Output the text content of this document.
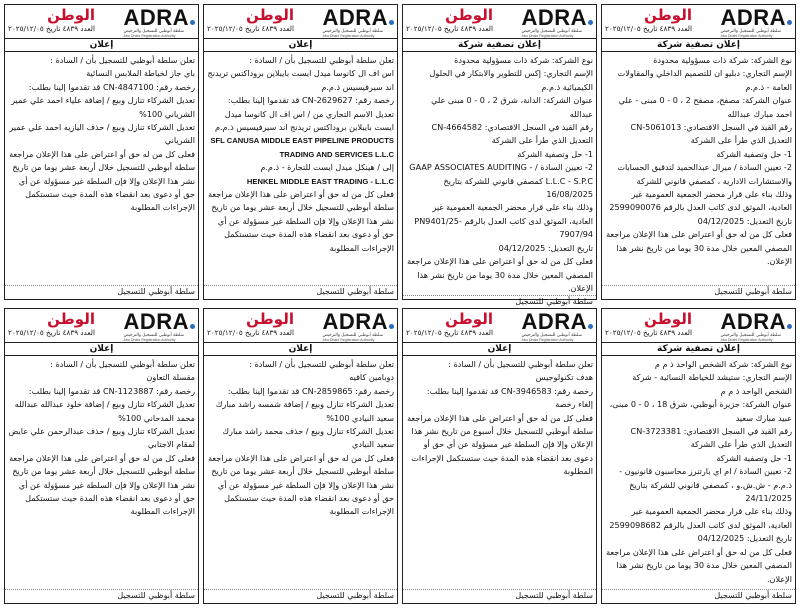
الوطن
العدد ٤٨٣٩ تاريخ ٢٠٢٥/١٢/٠٥ ADRA
سلطة أبوظبي للتسجيل والترخيص
Abu Dhabi Registration Authority
إعلان

تعلن سلطة أبوظبي للتسجيل بأن / السادة :

باي جاز لخياطة الملابس النسائية

رخصة رقم: CN-4847100 قد تقدموا إلينا بطلب:

تعديل الشركاء تنازل وبيع / إضافة علياء احمد علي عمير الشرياني 100%

تعديل الشركاء تنازل وبيع / حذف اليازيه احمد علي عمير الشرياني

فعلى كل من له حق أو اعتراض على هذا الإعلان مراجعة سلطة أبوظبي للتسجيل خلال أربعة عشر يوما من تاريخ نشر هذا الإعلان وإلا فإن السلطة غير مسؤولة عن أي حق أو دعوى بعد انقضاء هذه المدة حيث ستستكمل الإجراءات المطلوبة

سلطة أبوظبي للتسجيل
الوطن
العدد ٤٨٣٩ تاريخ ٢٠٢٥/١٢/٠٥ ADRA
سلطة أبوظبي للتسجيل والترخيص
Abu Dhabi Registration Authority
إعلان

تعلن سلطة أبوظبي للتسجيل بأن / السادة :

اس اف ال كانوسا ميدل ايست بايبلاين بروداكتس تريدنج اند سيرفيسيس ذ.م.م

رخصة رقم: CN-2629627 قد تقدموا إلينا بطلب:

تعديل الاسم التجاري من / اس اف ال كانوسا ميدل ايست بايبلاين بروداكتس تريدنج اند سيرفيسيس ذ.م.م

SFL CANUSA MIDDLE EAST PIPELINE PRODUCTS TRADING AND SERVICES L.L.C

إلى / هينكل ميدل ايست للتجارة - ذ.م.م

HENKEL MIDDLE EAST TRADING - L.L.C

فعلى كل من له حق أو اعتراض على هذا الإعلان مراجعة سلطة أبوظبي للتسجيل خلال أربعة عشر يوما من تاريخ نشر هذا الإعلان وإلا فإن السلطة غير مسؤولة عن أي حق أو دعوى بعد انقضاء هذه المدة حيث ستستكمل الإجراءات المطلوبة

سلطة أبوظبي للتسجيل
الوطن
العدد ٤٨٣٩ تاريخ ٢٠٢٥/١٢/٠٥ ADRA
سلطة أبوظبي للتسجيل والترخيص
Abu Dhabi Registration Authority
إعلان تصفية شركة

نوع الشركة: شركة ذات مسؤولية محدودة

الإسم التجاري: إكس للتطوير والابتكار في الحلول الكيميائية ذ.م.م

عنوان الشركة: الدانة، شرق 2 ، 0 - 0 مبنى علي عبدالله

رقم القيد في السجل الاقتصادي: CN-4664582

التعديل الذي طرأ على الشركة

1- حل وتصفية الشركة

2- تعيين السادة / GAAP ASSOCIATES AUDITING - L.L.C - S.P.C كمصفي قانوني للشركة بتاريخ 16/08/2025

وذلك بناء على قرار محضر الجمعية العمومية غير العادية، الموثق لدى كاتب العدل بالرقم PN9401/25-7907/94

تاريخ التعديل: 04/12/2025

فعلى كل من له حق أو اعتراض على هذا الإعلان مراجعة المصفي المعين خلال مدة 30 يوما من تاريخ نشر هذا الإعلان.

سلطة أبوظبي للتسجيل
الوطن
العدد ٤٨٣٩ تاريخ ٢٠٢٥/١٢/٠٥ ADRA
سلطة أبوظبي للتسجيل والترخيص
Abu Dhabi Registration Authority
إعلان تصفية شركة

نوع الشركة: شركة ذات مسؤولية محدودة

الإسم التجاري: دبليو ان للتصميم الداخلي والمقاولات العامة - ذ.م.م

عنوان الشركة: مصفح، مصفح 2 ، 0 - 0 مبنى - علي احمد مبارك عبدالله

رقم القيد في السجل الاقتصادي: CN-5061013

التعديل الذي طرأ على الشركة

1- حل وتصفية الشركة

2- تعيين السادة / ميرال عبدالحميد لتدقيق الحسابات والاستشارات الادارية ، كمصفي قانوني للشركة

وذلك بناء على قرار محضر الجمعية العمومية غير العادية، الموثق لدى كاتب العدل بالرقم 2599090076

تاريخ التعديل: 04/12/2025

فعلى كل من له حق أو اعتراض على هذا الإعلان مراجعة المصفي المعين خلال مدة 30 يوما من تاريخ نشر هذا الإعلان.

سلطة أبوظبي للتسجيل
الوطن
العدد ٤٨٣٩ تاريخ ٢٠٢٥/١٢/٠٥ ADRA
سلطة أبوظبي للتسجيل والترخيص
Abu Dhabi Registration Authority
إعلان

تعلن سلطة أبوظبي للتسجيل بأن / السادة :

مقسلة التعاون

رخصة رقم: CN-1123887 قد تقدموا إلينا بطلب:

تعديل الشركاء تنازل وبيع / إضافة خلود عبدالله عبدالله محمد المدحاني 100%

تعديل الشركاء تنازل وبيع / حذف عبدالرحمن علي عايض لمقام الاجتابي

فعلى كل من له حق أو اعتراض على هذا الإعلان مراجعة سلطة أبوظبي للتسجيل خلال أربعة عشر يوما من تاريخ نشر هذا الإعلان وإلا فإن السلطة غير مسؤولة عن أي حق أو دعوى بعد انقضاء هذه المدة حيث ستستكمل الإجراءات المطلوبة

سلطة أبوظبي للتسجيل
الوطن
العدد ٤٨٣٩ تاريخ ٢٠٢٥/١٢/٠٥ ADRA
سلطة أبوظبي للتسجيل والترخيص
Abu Dhabi Registration Authority
إعلان

تعلن سلطة أبوظبي للتسجيل بأن / السادة :

دوبامين كافيه

رخصة رقم: CN-2859865 قد تقدموا إلينا بطلب:

تعديل الشركاء تنازل وبيع / إضافة شمسه راشد مبارك سعيد النيادي 100%

تعديل الشركاء تنازل وبيع / حذف محمد راشد مبارك سعيد النيادي

فعلى كل من له حق أو اعتراض على هذا الإعلان مراجعة سلطة أبوظبي للتسجيل خلال أربعة عشر يوما من تاريخ نشر هذا الإعلان وإلا فإن السلطة غير مسؤولة عن أي حق أو دعوى بعد انقضاء هذه المدة حيث ستستكمل الإجراءات المطلوبة

سلطة أبوظبي للتسجيل
الوطن
العدد ٤٨٣٩ تاريخ ٢٠٢٥/١٢/٠٥ ADRA
سلطة أبوظبي للتسجيل والترخيص
Abu Dhabi Registration Authority
إعلان

تعلن سلطة أبوظبي للتسجيل بأن / السادة :

هدف تكنولوجيس

رخصة رقم: CN-3946583 قد تقدموا إلينا بطلب:

إلغاء رخصة

فعلى كل من له حق أو اعتراض على هذا الإعلان مراجعة سلطة أبوظبي للتسجيل خلال أسبوع من تاريخ نشر هذا الإعلان وإلا فإن السلطة غير مسؤولة عن أي حق أو دعوى بعد انقضاء هذه المدة حيث ستستكمل الإجراءات المطلوبة

سلطة أبوظبي للتسجيل
الوطن
العدد ٤٨٣٩ تاريخ ٢٠٢٥/١٢/٠٥ ADRA
سلطة أبوظبي للتسجيل والترخيص
Abu Dhabi Registration Authority
إعلان تصفية شركة

نوع الشركة: شركة الشخص الواحد ذ م م

الإسم التجاري: ستيشد للخياطة النسائية - شركة الشخص الواحد ذ م م

عنوان الشركة: جزيرة أبوظبي، شرق 18 ، 0 - 0 مبنى، عبيد مبارك سعيد

رقم القيد في السجل الاقتصادي: CN-3723381

التعديل الذي طرأ على الشركة

1- حل وتصفية الشركة

2- تعيين السادة / ام اي بارتنرز محاسبون قانونيون - ذ.م.م - ش.ش.و ، كمصفي قانوني للشركة بتاريخ 24/11/2025

وذلك بناء على قرار محضر الجمعية العمومية غير العادية، الموثق لدى كاتب العدل بالرقم 2599098682

تاريخ التعديل: 04/12/2025

فعلى كل من له حق أو اعتراض على هذا الإعلان مراجعة المصفي المعين خلال مدة 30 يوما من تاريخ نشر هذا الإعلان.

سلطة أبوظبي للتسجيل
